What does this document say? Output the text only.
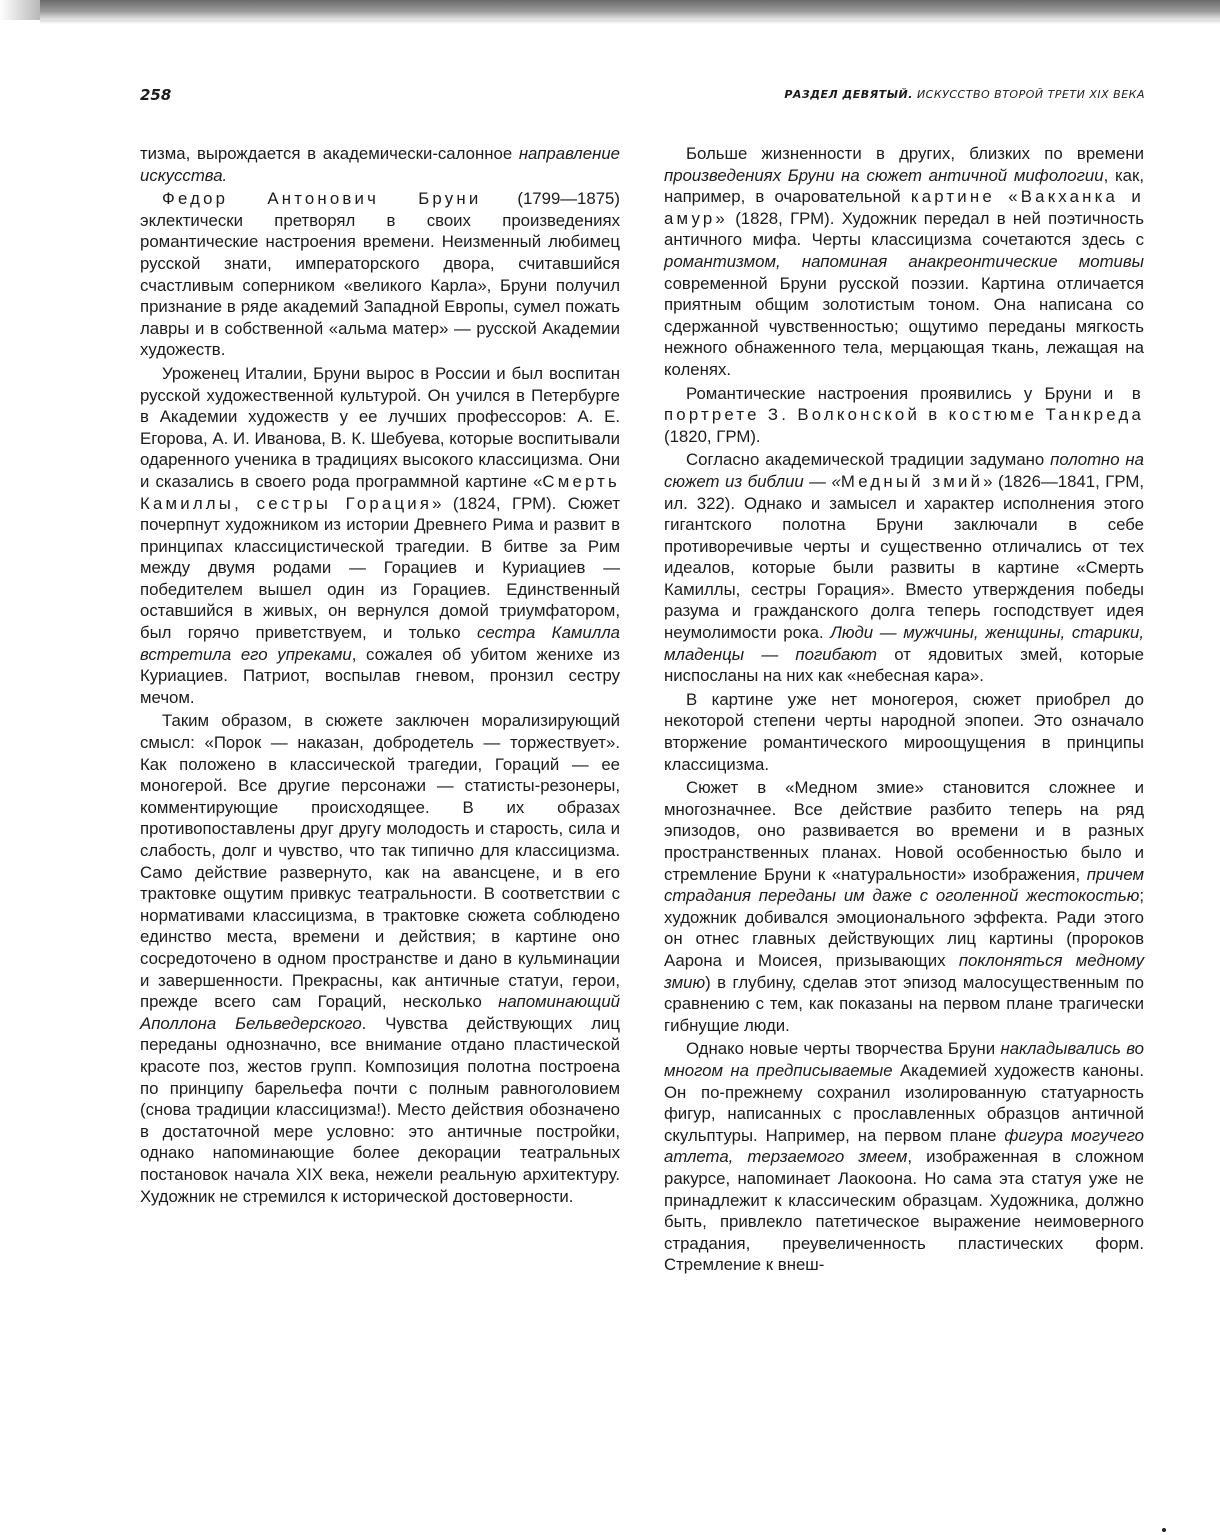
258	РАЗДЕЛ ДЕВЯТЫЙ. ИСКУССТВО ВТОРОЙ ТРЕТИ XIX ВЕКА

тизма, вырождается в академически-салонное направление искусства.

Федор Антонович Бруни (1799—1875) эклектически претворял в своих произведениях романтические настроения времени. Неизменный любимец русской знати, императорского двора, считавшийся счастливым соперником «великого Карла», Бруни получил признание в ряде академий Западной Европы, сумел пожать лавры и в собственной «альма матер» — русской Академии художеств.

Уроженец Италии, Бруни вырос в России и был воспитан русской художественной культурой. Он учился в Петербурге в Академии художеств у ее лучших профессоров: А. Е. Егорова, А. И. Иванова, В. К. Шебуева, которые воспитывали одаренного ученика в традициях высокого классицизма. Они и сказались в своего рода программной картине «Смерть Камиллы, сестры Горация» (1824, ГРМ). Сюжет почерпнут художником из истории Древнего Рима и развит в принципах классицистической трагедии. В битве за Рим между двумя родами — Горациев и Куриациев — победителем вышел один из Горациев. Единственный оставшийся в живых, он вернулся домой триумфатором, был горячо приветствуем, и только сестра Камилла встретила его упреками, сожалея об убитом женихе из Куриациев. Патриот, воспылав гневом, пронзил сестру мечом.

Таким образом, в сюжете заключен морализирующий смысл: «Порок — наказан, добродетель — торжествует». Как положено в классической трагедии, Гораций — ее моногерой. Все другие персонажи — статисты-резонеры, комментирующие происходящее. В их образах противопоставлены друг другу молодость и старость, сила и слабость, долг и чувство, что так типично для классицизма. Само действие развернуто, как на авансцене, и в его трактовке ощутим привкус театральности. В соответствии с нормативами классицизма, в трактовке сюжета соблюдено единство места, времени и действия; в картине оно сосредоточено в одном пространстве и дано в кульминации и завершенности. Прекрасны, как античные статуи, герои, прежде всего сам Гораций, несколько напоминающий Аполлона Бельведерского. Чувства действующих лиц переданы однозначно, все внимание отдано пластической красоте поз, жестов групп. Композиция полотна построена по принципу барельефа почти с полным равноголовием (снова традиции классицизма!). Место действия обозначено в достаточной мере условно: это античные постройки, однако напоминающие более декорации театральных постановок начала XIX века, нежели реальную архитектуру. Художник не стремился к исторической достоверности.

Больше жизненности в других, близких по времени произведениях Бруни на сюжет античной мифологии, как, например, в очаровательной картине «Вакханка и амур» (1828, ГРМ). Художник передал в ней поэтичность античного мифа. Черты классицизма сочетаются здесь с романтизмом, напоминая анакреонтические мотивы современной Бруни русской поэзии. Картина отличается приятным общим золотистым тоном. Она написана со сдержанной чувственностью; ощутимо переданы мягкость нежного обнаженного тела, мерцающая ткань, лежащая на коленях.

Романтические настроения проявились у Бруни и в портрете З. Волконской в костюме Танкреда (1820, ГРМ).

Согласно академической традиции задумано полотно на сюжет из библии — «Медный змий» (1826—1841, ГРМ, ил. 322). Однако и замысел и характер исполнения этого гигантского полотна Бруни заключали в себе противоречивые черты и существенно отличались от тех идеалов, которые были развиты в картине «Смерть Камиллы, сестры Горация». Вместо утверждения победы разума и гражданского долга теперь господствует идея неумолимости рока. Люди — мужчины, женщины, старики, младенцы — погибают от ядовитых змей, которые ниспосланы на них как «небесная кара».

В картине уже нет моногероя, сюжет приобрел до некоторой степени черты народной эпопеи. Это означало вторжение романтического мироощущения в принципы классицизма.

Сюжет в «Медном змие» становится сложнее и многозначнее. Все действие разбито теперь на ряд эпизодов, оно развивается во времени и в разных пространственных планах. Новой особенностью было и стремление Бруни к «натуральности» изображения, причем страдания переданы им даже с оголенной жестокостью; художник добивался эмоционального эффекта. Ради этого он отнес главных действующих лиц картины (пророков Аарона и Моисея, призывающих поклоняться медному змию) в глубину, сделав этот эпизод малосущественным по сравнению с тем, как показаны на первом плане трагически гибнущие люди.

Однако новые черты творчества Бруни накладывались во многом на предписываемые Академией художеств каноны. Он по-прежнему сохранил изолированную статуарность фигур, написанных с прославленных образцов античной скульптуры. Например, на первом плане фигура могучего атлета, терзаемого змеем, изображенная в сложном ракурсе, напоминает Лаокоона. Но сама эта статуя уже не принадлежит к классическим образцам. Художника, должно быть, привлекло патетическое выражение неимоверного страдания, преувеличенность пластических форм. Стремление к внеш-
